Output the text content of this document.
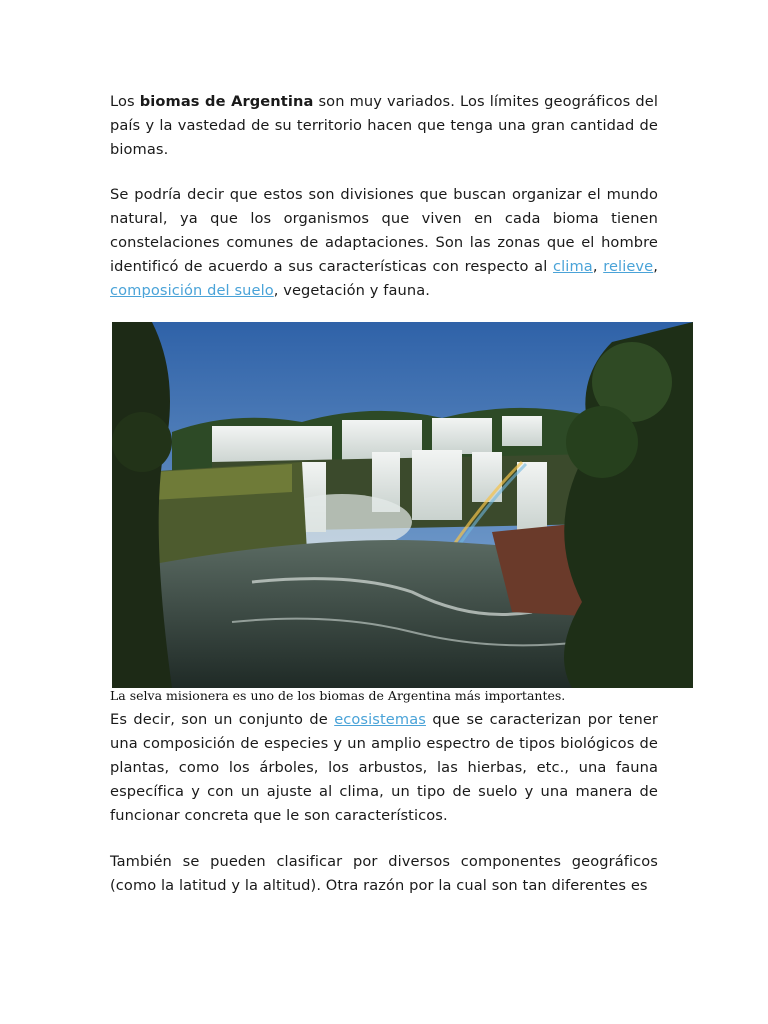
Los biomas de Argentina son muy variados. Los límites geográficos del país y la vastedad de su territorio hacen que tenga una gran cantidad de biomas.

Se podría decir que estos son divisiones que buscan organizar el mundo natural, ya que los organismos que viven en cada bioma tienen constelaciones comunes de adaptaciones. Son las zonas que el hombre identificó de acuerdo a sus características con respecto al clima, relieve, composición del suelo, vegetación y fauna.

La selva misionera es uno de los biomas de Argentina más importantes.

Es decir, son un conjunto de ecosistemas que se caracterizan por tener una composición de especies y un amplio espectro de tipos biológicos de plantas, como los árboles, los arbustos, las hierbas, etc., una fauna específica y con un ajuste al clima, un tipo de suelo y una manera de funcionar concreta que le son característicos.

También se pueden clasificar por diversos componentes geográficos (como la latitud y la altitud). Otra razón por la cual son tan diferentes es
